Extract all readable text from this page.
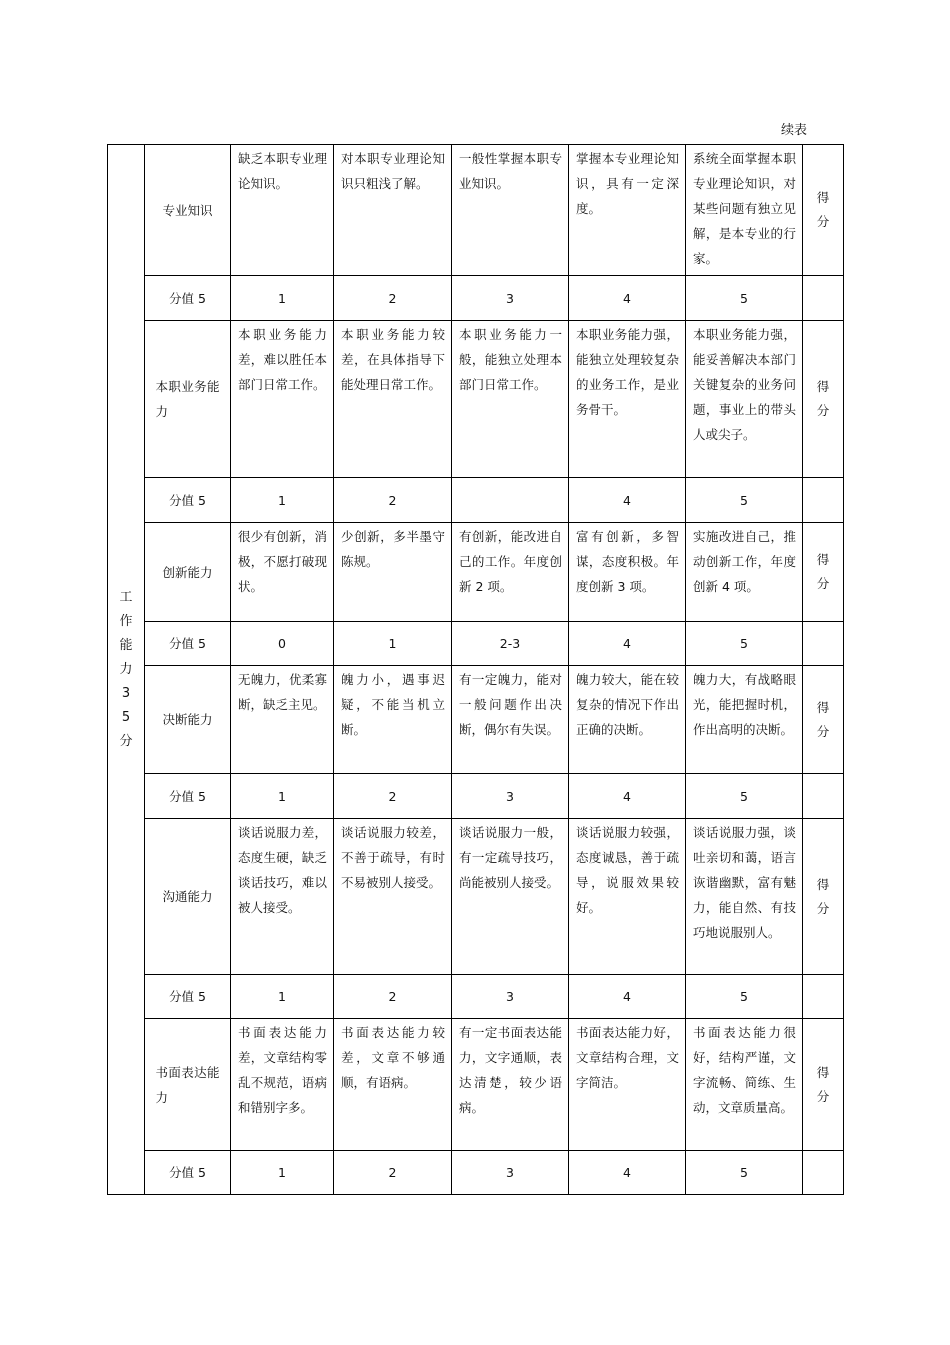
续表
工作能力35分	专业知识	缺乏本职专业理论知识。	对本职专业理论知识只粗浅了解。	一般性掌握本职专业知识。	掌握本专业理论知识，具有一定深度。	系统全面掌握本职专业理论知识，对某些问题有独立见解，是本专业的行家。	得分

	分值 5	1	2	3	4	5	
	本职业务能力	本职业务能力差，难以胜任本部门日常工作。	本职业务能力较差，在具体指导下能处理日常工作。	本职业务能力一般，能独立处理本部门日常工作。	本职业务能力强，能独立处理较复杂的业务工作，是业务骨干。	本职业务能力强，能妥善解决本部门关键复杂的业务问题，事业上的带头人或尖子。	得分

	分值 5	1	2		4	5	
	创新能力	很少有创新，消极，不愿打破现状。	少创新，多半墨守陈规。	有创新，能改进自己的工作。年度创新 2 项。	富有创新，多智谋，态度积极。年度创新 3 项。	实施改进自己，推动创新工作，年度创新 4 项。	得分

	分值 5	0	1	2-3	4	5	
	决断能力	无魄力，优柔寡断，缺乏主见。	魄力小，遇事迟疑，不能当机立断。	有一定魄力，能对一般问题作出决断，偶尔有失误。	魄力较大，能在较复杂的情况下作出正确的决断。	魄力大，有战略眼光，能把握时机，作出高明的决断。	得分

	分值 5	1	2	3	4	5	
	沟通能力	谈话说服力差，态度生硬，缺乏谈话技巧，难以被人接受。	谈话说服力较差，不善于疏导，有时不易被别人接受。	谈话说服力一般，有一定疏导技巧，尚能被别人接受。	谈话说服力较强，态度诚恳，善于疏导，说服效果较好。	谈话说服力强，谈吐亲切和蔼，语言诙谐幽默，富有魅力，能自然、有技巧地说服别人。	得分

	分值 5	1	2	3	4	5	
	书面表达能力	书面表达能力差，文章结构零乱不规范，语病和错别字多。	书面表达能力较差，文章不够通顺，有语病。	有一定书面表达能力，文字通顺，表达清楚，较少语病。	书面表达能力好，文章结构合理，文字简洁。	书面表达能力很好，结构严谨，文字流畅、简练、生动，文章质量高。	得分

	分值 5	1	2	3	4	5	
